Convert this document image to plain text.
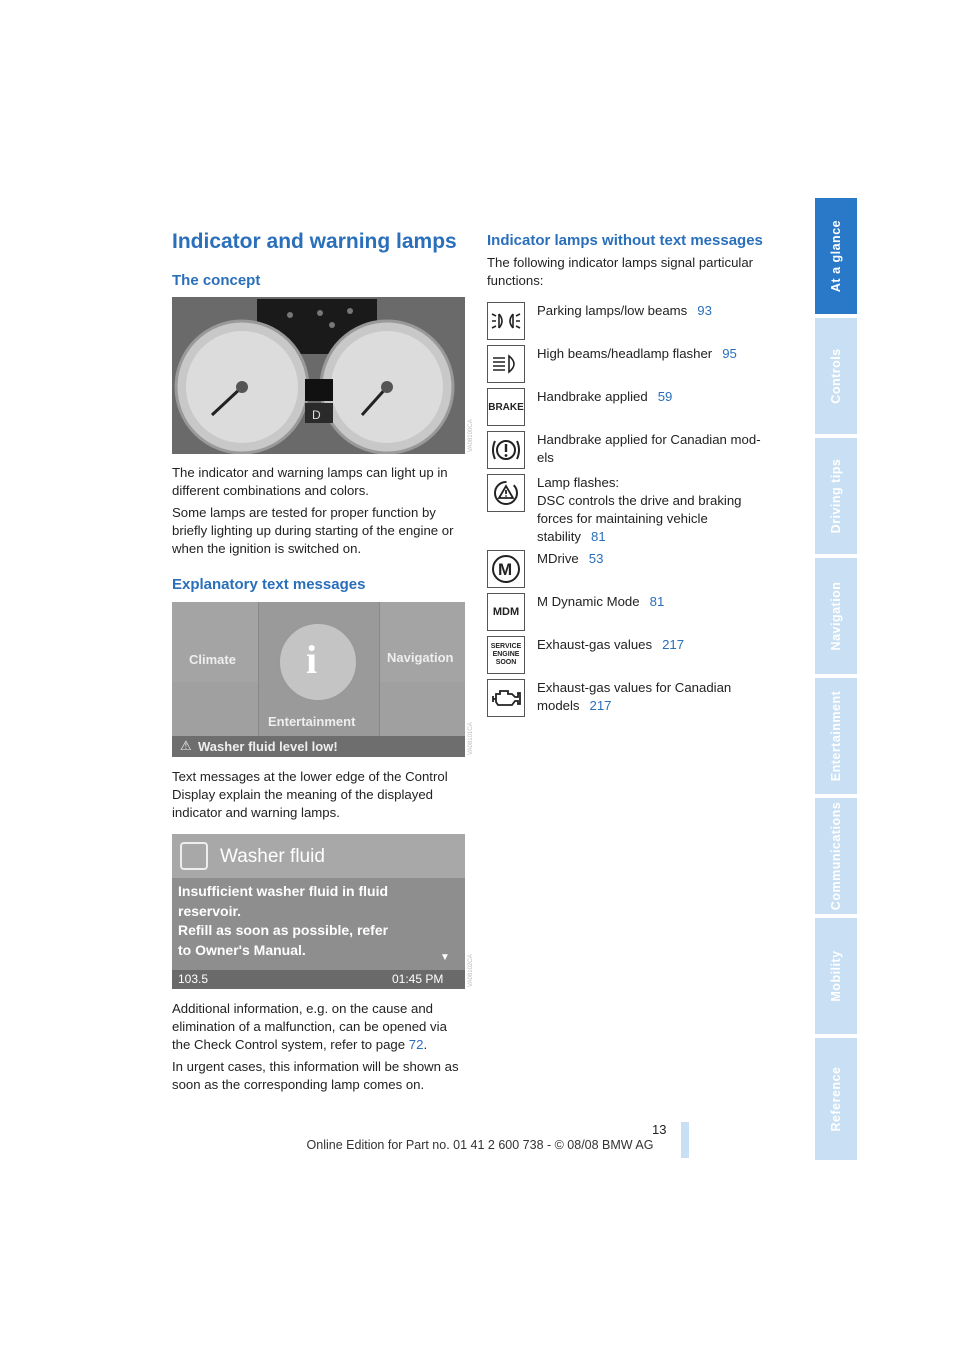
Indicator and warning lamps
The concept
D
VA08100CA
The indicator and warning lamps can light up in different combinations and colors.
Some lamps are tested for proper function by briefly lighting up during starting of the engine or when the ignition is switched on.
Explanatory text messages
i
Climate	Navigation
Entertainment
⚠ Washer fluid level low!	VA08101CA
Text messages at the lower edge of the Control Display explain the meaning of the displayed indicator and warning lamps.
Washer fluid
Insufficient washer fluid in fluid
reservoir.
Refill as soon as possible, refer
to Owner's Manual.	▼
103.5	01:45 PM	VA08102CA
Additional information, e.g. on the cause and elimination of a malfunction, can be opened via the Check Control system, refer to page 72.
In urgent cases, this information will be shown as soon as the corresponding lamp comes on.
Indicator lamps without text messages
The following indicator lamps signal particular functions:
BRAKE
M
MDM
SERVICE
ENGINE
SOON
Parking lamps/low beams 93
High beams/headlamp flasher 95
Handbrake applied 59
Handbrake applied for Canadian mod-els
Lamp flashes:
DSC controls the drive and braking forces for maintaining vehicle stability 81
MDrive 53
M Dynamic Mode 81
Exhaust-gas values 217
Exhaust-gas values for Canadian models 217
At a glance
Controls
Driving tips
Navigation
Entertainment
Communications
Mobility
Reference
13
Online Edition for Part no. 01 41 2 600 738 - © 08/08 BMW AG
